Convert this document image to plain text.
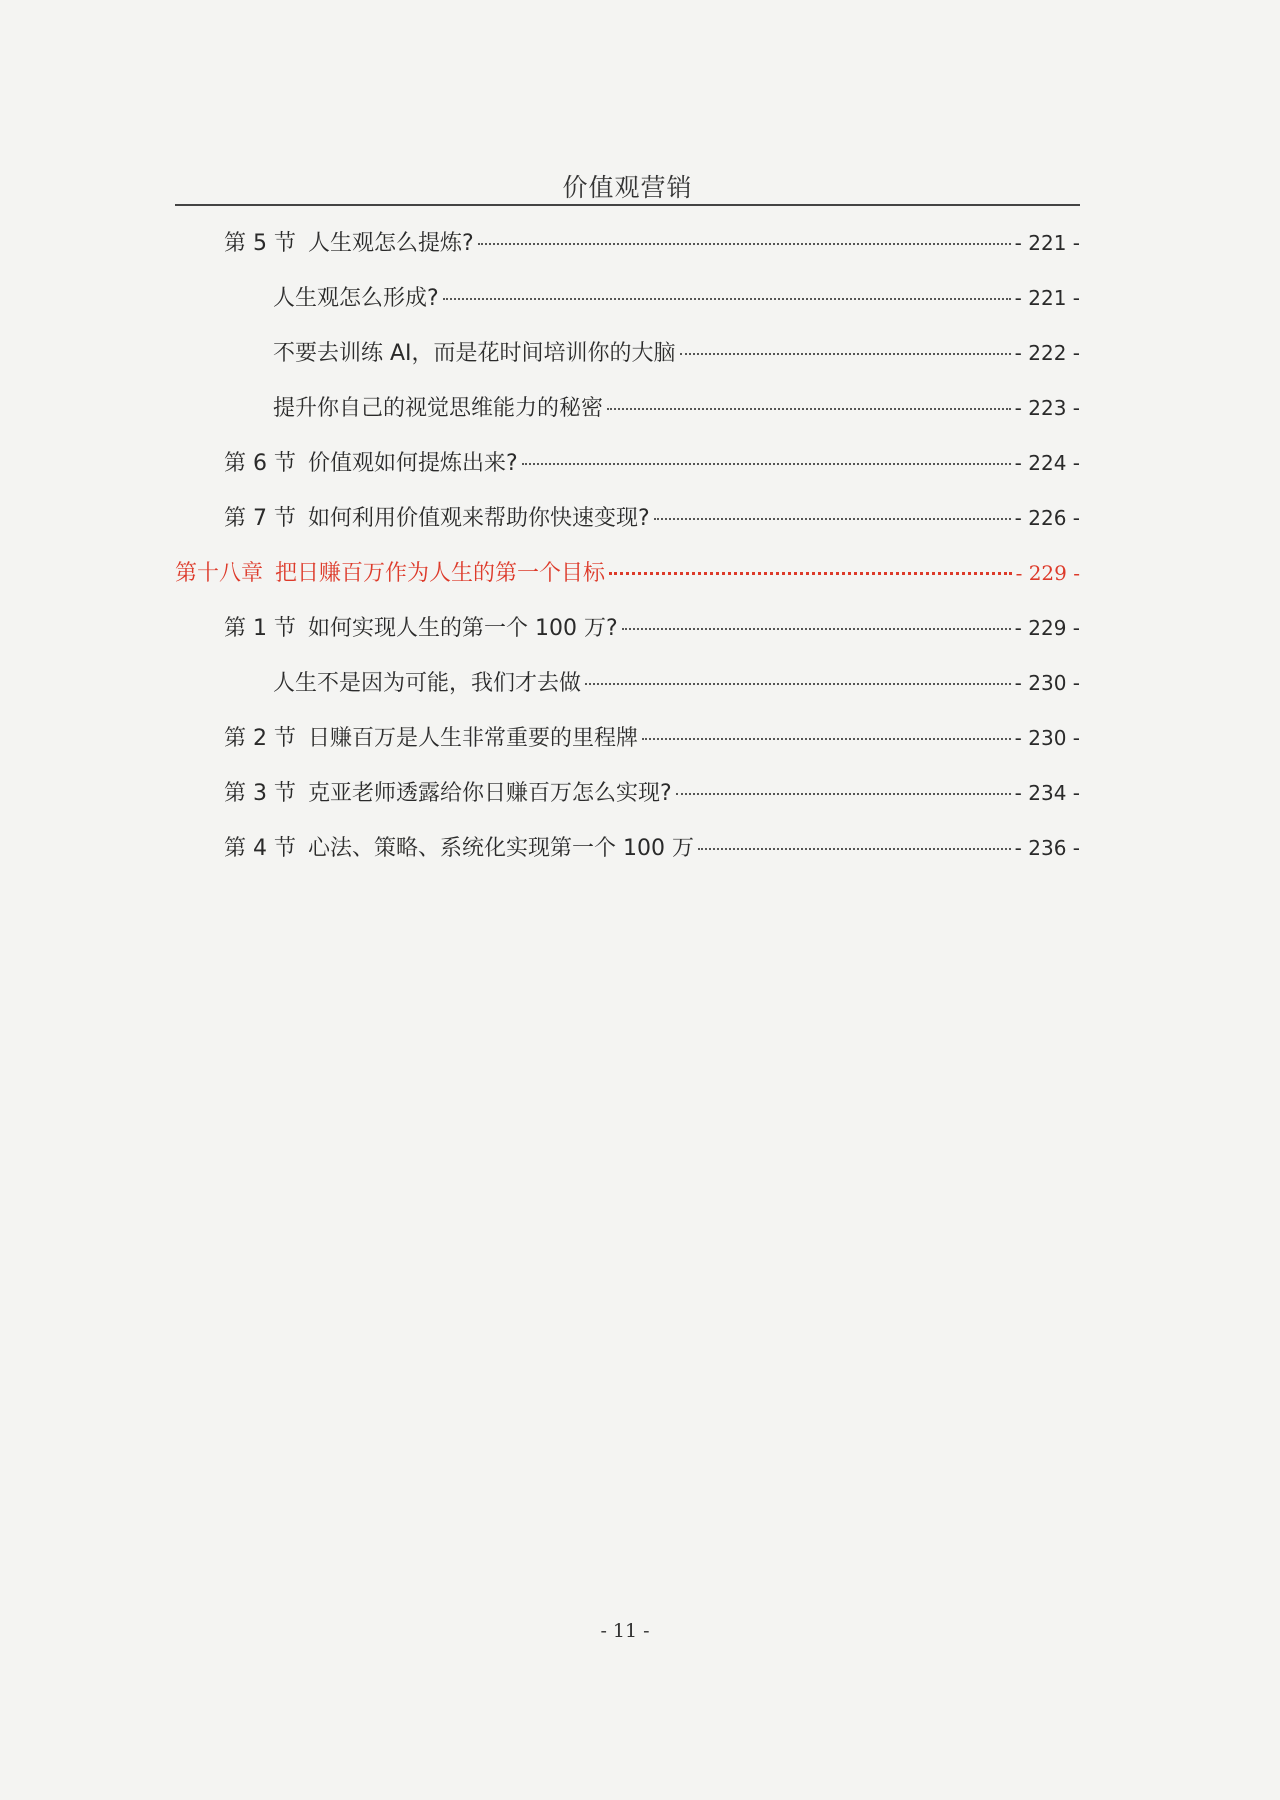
价值观营销
第 5 节 人生观怎么提炼?	- 221 -
人生观怎么形成?	- 221 -
不要去训练 AI，而是花时间培训你的大脑	- 222 -
提升你自己的视觉思维能力的秘密	- 223 -
第 6 节 价值观如何提炼出来?	- 224 -
第 7 节 如何利用价值观来帮助你快速变现?	- 226 -
第十八章 把日赚百万作为人生的第一个目标	- 229 -
第 1 节 如何实现人生的第一个 100 万?	- 229 -
人生不是因为可能，我们才去做	- 230 -
第 2 节 日赚百万是人生非常重要的里程牌	- 230 -
第 3 节 克亚老师透露给你日赚百万怎么实现?	- 234 -
第 4 节 心法、策略、系统化实现第一个 100 万	- 236 -
- 11 -
